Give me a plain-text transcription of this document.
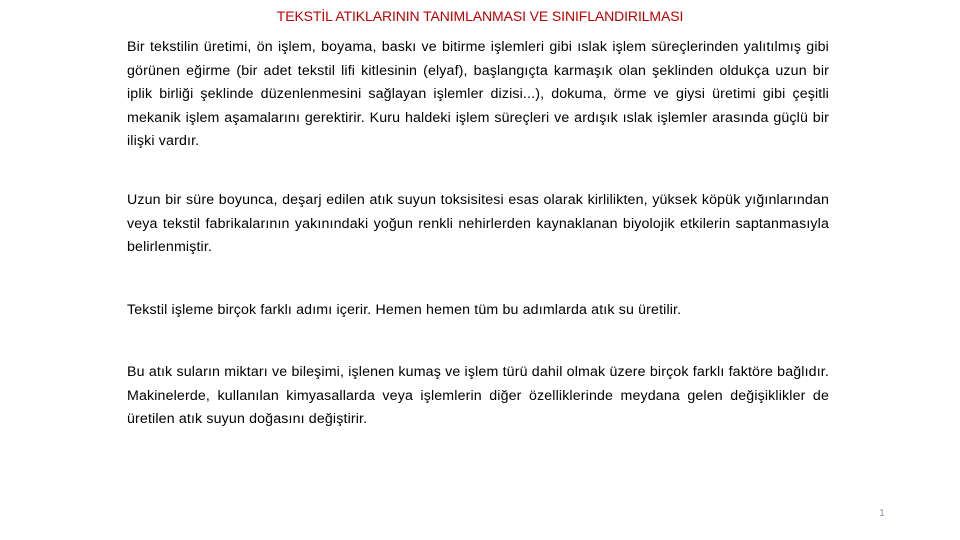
TEKSTİL ATIKLARININ TANIMLANMASI VE SINIFLANDIRILMASI

Bir tekstilin üretimi, ön işlem, boyama, baskı ve bitirme işlemleri gibi ıslak işlem süreçlerinden yalıtılmış gibi görünen eğirme (bir adet tekstil lifi kitlesinin (elyaf), başlangıçta karmaşık olan şeklinden oldukça uzun bir iplik birliği şeklinde düzenlenmesini sağlayan işlemler dizisi...), dokuma, örme ve giysi üretimi gibi çeşitli mekanik işlem aşamalarını gerektirir. Kuru haldeki işlem süreçleri ve ardışık ıslak işlemler arasında güçlü bir ilişki vardır.

Uzun bir süre boyunca, deşarj edilen atık suyun toksisitesi esas olarak kirlilikten, yüksek köpük yığınlarından veya tekstil fabrikalarının yakınındaki yoğun renkli nehirlerden kaynaklanan biyolojik etkilerin saptanmasıyla belirlenmiştir.

Tekstil işleme birçok farklı adımı içerir. Hemen hemen tüm bu adımlarda atık su üretilir.

Bu atık suların miktarı ve bileşimi, işlenen kumaş ve işlem türü dahil olmak üzere birçok farklı faktöre bağlıdır. Makinelerde, kullanılan kimyasallarda veya işlemlerin diğer özelliklerinde meydana gelen değişiklikler de üretilen atık suyun doğasını değiştirir.

1
